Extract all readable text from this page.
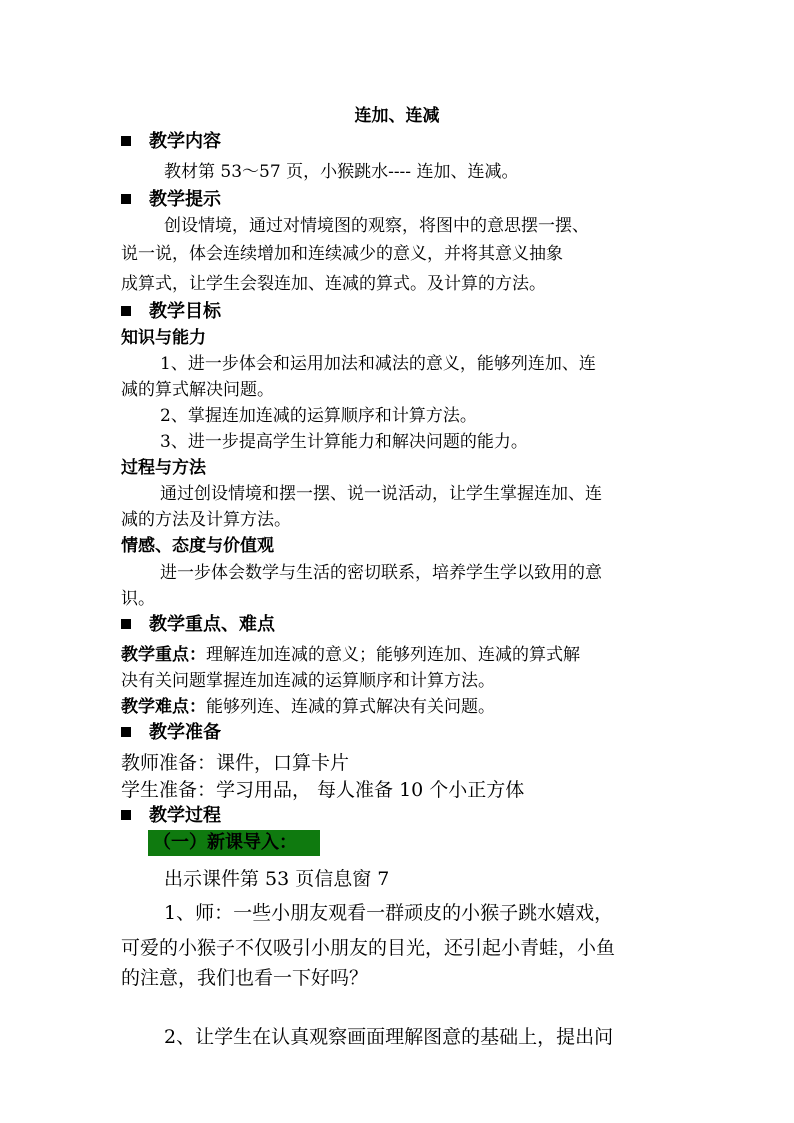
连加、连减
教学内容
教材第 53～57 页，小猴跳水---- 连加、连减。
教学提示
创设情境，通过对情境图的观察，将图中的意思摆一摆、
说一说，体会连续增加和连续减少的意义，并将其意义抽象
成算式，让学生会裂连加、连减的算式。及计算的方法。
教学目标
知识与能力
1、进一步体会和运用加法和减法的意义，能够列连加、连
减的算式解决问题。
2、掌握连加连减的运算顺序和计算方法。
3、进一步提高学生计算能力和解决问题的能力。
过程与方法
通过创设情境和摆一摆、说一说活动，让学生掌握连加、连
减的方法及计算方法。
情感、态度与价值观
进一步体会数学与生活的密切联系，培养学生学以致用的意
识。
教学重点、难点
教学重点：理解连加连减的意义；能够列连加、连减的算式解
决有关问题掌握连加连减的运算顺序和计算方法。
教学难点：能够列连、连减的算式解决有关问题。
教学准备
教师准备：课件，口算卡片
学生准备：学习用品， 每人准备 10 个小正方体
教学过程
（一）新课导入：
出示课件第 53 页信息窗 7
1、师：一些小朋友观看一群顽皮的小猴子跳水嬉戏，
可爱的小猴子不仅吸引小朋友的目光，还引起小青蛙，小鱼
的注意，我们也看一下好吗？
2、让学生在认真观察画面理解图意的基础上，提出问
